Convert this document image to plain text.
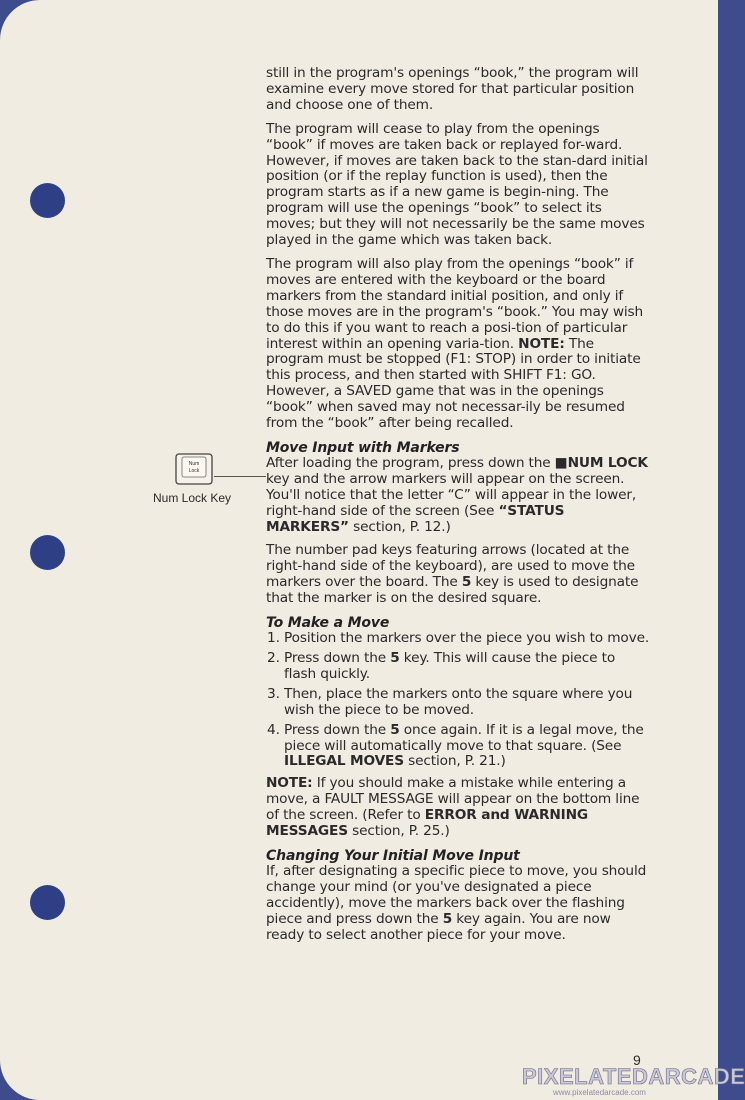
Num
Lock
Num Lock Key

still in the program's openings “book,” the program will examine every move stored for that particular position and choose one of them.

The program will cease to play from the openings “book” if moves are taken back or replayed for-ward. However, if moves are taken back to the stan-dard initial position (or if the replay function is used), then the program starts as if a new game is begin-ning. The program will use the openings “book” to select its moves; but they will not necessarily be the same moves played in the game which was taken back.

The program will also play from the openings “book” if moves are entered with the keyboard or the board markers from the standard initial position, and only if those moves are in the program's “book.” You may wish to do this if you want to reach a posi-tion of particular interest within an opening varia-tion. NOTE: The program must be stopped (F1: STOP) in order to initiate this process, and then started with SHIFT F1: GO. However, a SAVED game that was in the openings “book” when saved may not necessar-ily be resumed from the “book” after being recalled.

Move Input with Markers

After loading the program, press down the ■NUM LOCK key and the arrow markers will appear on the screen. You'll notice that the letter “C” will appear in the lower, right-hand side of the screen (See “STATUS MARKERS” section, P. 12.)

The number pad keys featuring arrows (located at the right-hand side of the keyboard), are used to move the markers over the board. The 5 key is used to designate that the marker is on the desired square.

To Make a Move
1. Position the markers over the piece you wish to move.
2. Press down the 5 key. This will cause the piece to flash quickly.
3. Then, place the markers onto the square where you wish the piece to be moved.
4. Press down the 5 once again. If it is a legal move, the piece will automatically move to that square. (See ILLEGAL MOVES section, P. 21.)

NOTE: If you should make a mistake while entering a move, a FAULT MESSAGE will appear on the bottom line of the screen. (Refer to ERROR and WARNING MESSAGES section, P. 25.)

Changing Your Initial Move Input

If, after designating a specific piece to move, you should change your mind (or you've designated a piece accidently), move the markers back over the flashing piece and press down the 5 key again. You are now ready to select another piece for your move.

9
PIXELATEDARCADE
www.pixelatedarcade.com
